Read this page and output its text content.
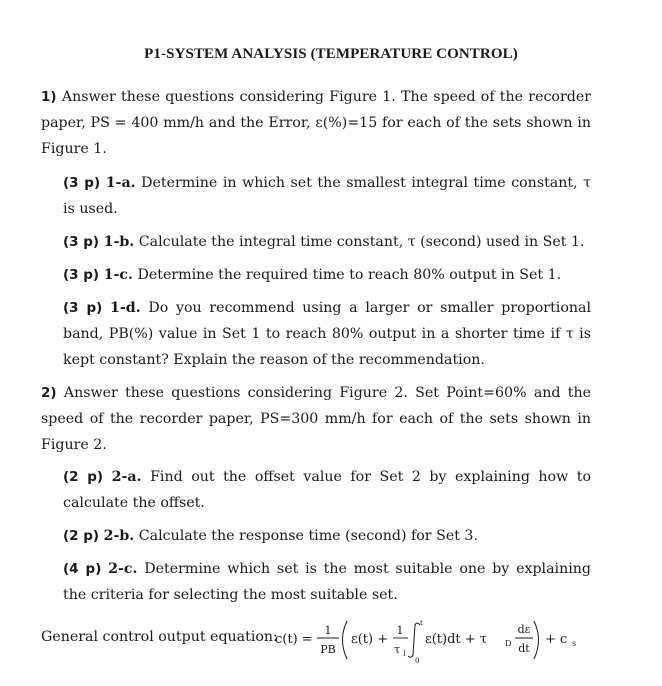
P1-SYSTEM ANALYSIS (TEMPERATURE CONTROL)
1) Answer these questions considering Figure 1. The speed of the recorder paper, PS = 400 mm/h and the Error, ε(%)=15 for each of the sets shown in Figure 1.
(3 p) 1-a. Determine in which set the smallest integral time constant, τ is used.
(3 p) 1-b. Calculate the integral time constant, τ (second) used in Set 1.
(3 p) 1-c. Determine the required time to reach 80% output in Set 1.
(3 p) 1-d. Do you recommend using a larger or smaller proportional band, PB(%) value in Set 1 to reach 80% output in a shorter time if τ is kept constant? Explain the reason of the recommendation.
2) Answer these questions considering Figure 2. Set Point=60% and the speed of the recorder paper, PS=300 mm/h for each of the sets shown in Figure 2.
(2 p) 2-a. Find out the offset value for Set 2 by explaining how to calculate the offset.
(2 p) 2-b. Calculate the response time (second) for Set 3.
(4 p) 2-c. Determine which set is the most suitable one by explaining the criteria for selecting the most suitable set.
General control output equation:
c(t) =
1
PB
ε(t) +
1
τ I
t
0
ε(t)dt + τ D
dε
dt
+ c s
